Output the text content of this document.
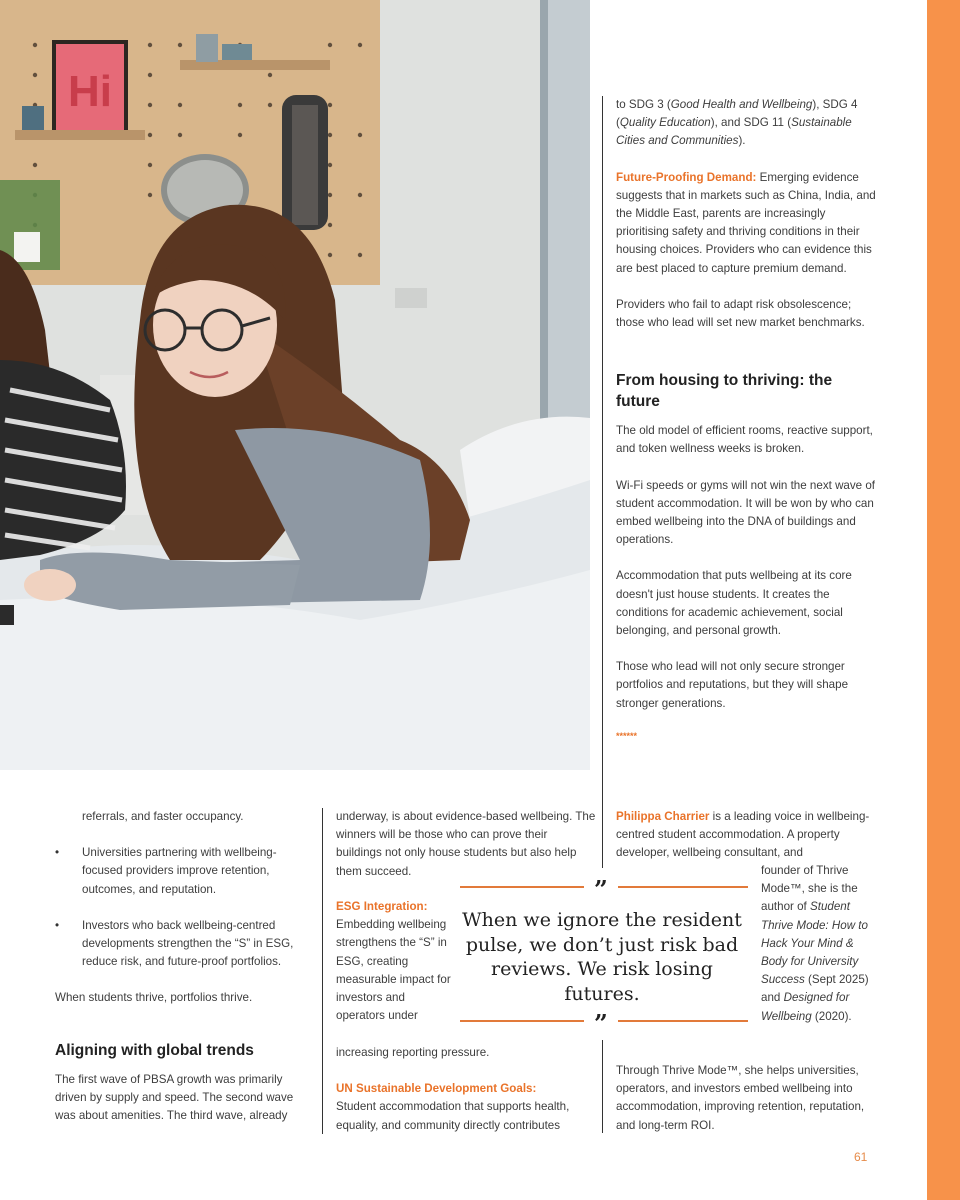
Hi	to SDG 3 (Good Health and Wellbeing), SDG 4 (Quality Education), and SDG 11 (Sustainable Cities and Communities).

Future-Proofing Demand: Emerging evidence suggests that in markets such as China, India, and the Middle East, parents are increasingly prioritising safety and thriving conditions in their housing choices. Providers who can evidence this are best placed to capture premium demand.

Providers who fail to adapt risk obsolescence; those who lead will set new market benchmarks.

From housing to thriving: the future

The old model of efficient rooms, reactive support, and token wellness weeks is broken.

Wi-Fi speeds or gyms will not win the next wave of student accommodation. It will be won by who can embed wellbeing into the DNA of buildings and operations.

Accommodation that puts wellbeing at its core doesn't just house students. It creates the conditions for academic achievement, social belonging, and personal growth.

Those who lead will not only secure stronger portfolios and reputations, but they will shape stronger generations.

******

Philippa Charrier is a leading voice in wellbeing-centred student accommodation. A property developer, wellbeing consultant, and

founder of Thrive Mode™, she is the author of Student Thrive Mode: How to Hack Your Mind & Body for University Success (Sept 2025) and Designed for Wellbeing (2020).

Through Thrive Mode™, she helps universities, operators, and investors embed wellbeing into accommodation, improving retention, reputation, and long-term ROI.

referrals, and faster occupancy.

• Universities partnering with wellbeing-focused providers improve retention, outcomes, and reputation.
• Investors who back wellbeing-centred developments strengthen the “S” in ESG, reduce risk, and future-proof portfolios.

When students thrive, portfolios thrive.

Aligning with global trends

The first wave of PBSA growth was primarily driven by supply and speed. The second wave was about amenities. The third wave, already

underway, is about evidence-based wellbeing. The winners will be those who can prove their buildings not only house students but also help them succeed.

ESG Integration:

Embedding wellbeing strengthens the “S” in ESG, creating measurable impact for investors and operators under

increasing reporting pressure.

UN Sustainable Development Goals:

Student accommodation that supports health, equality, and community directly contributes

”
When we ignore the resident pulse, we don’t just risk bad reviews. We risk losing futures.
”
61
